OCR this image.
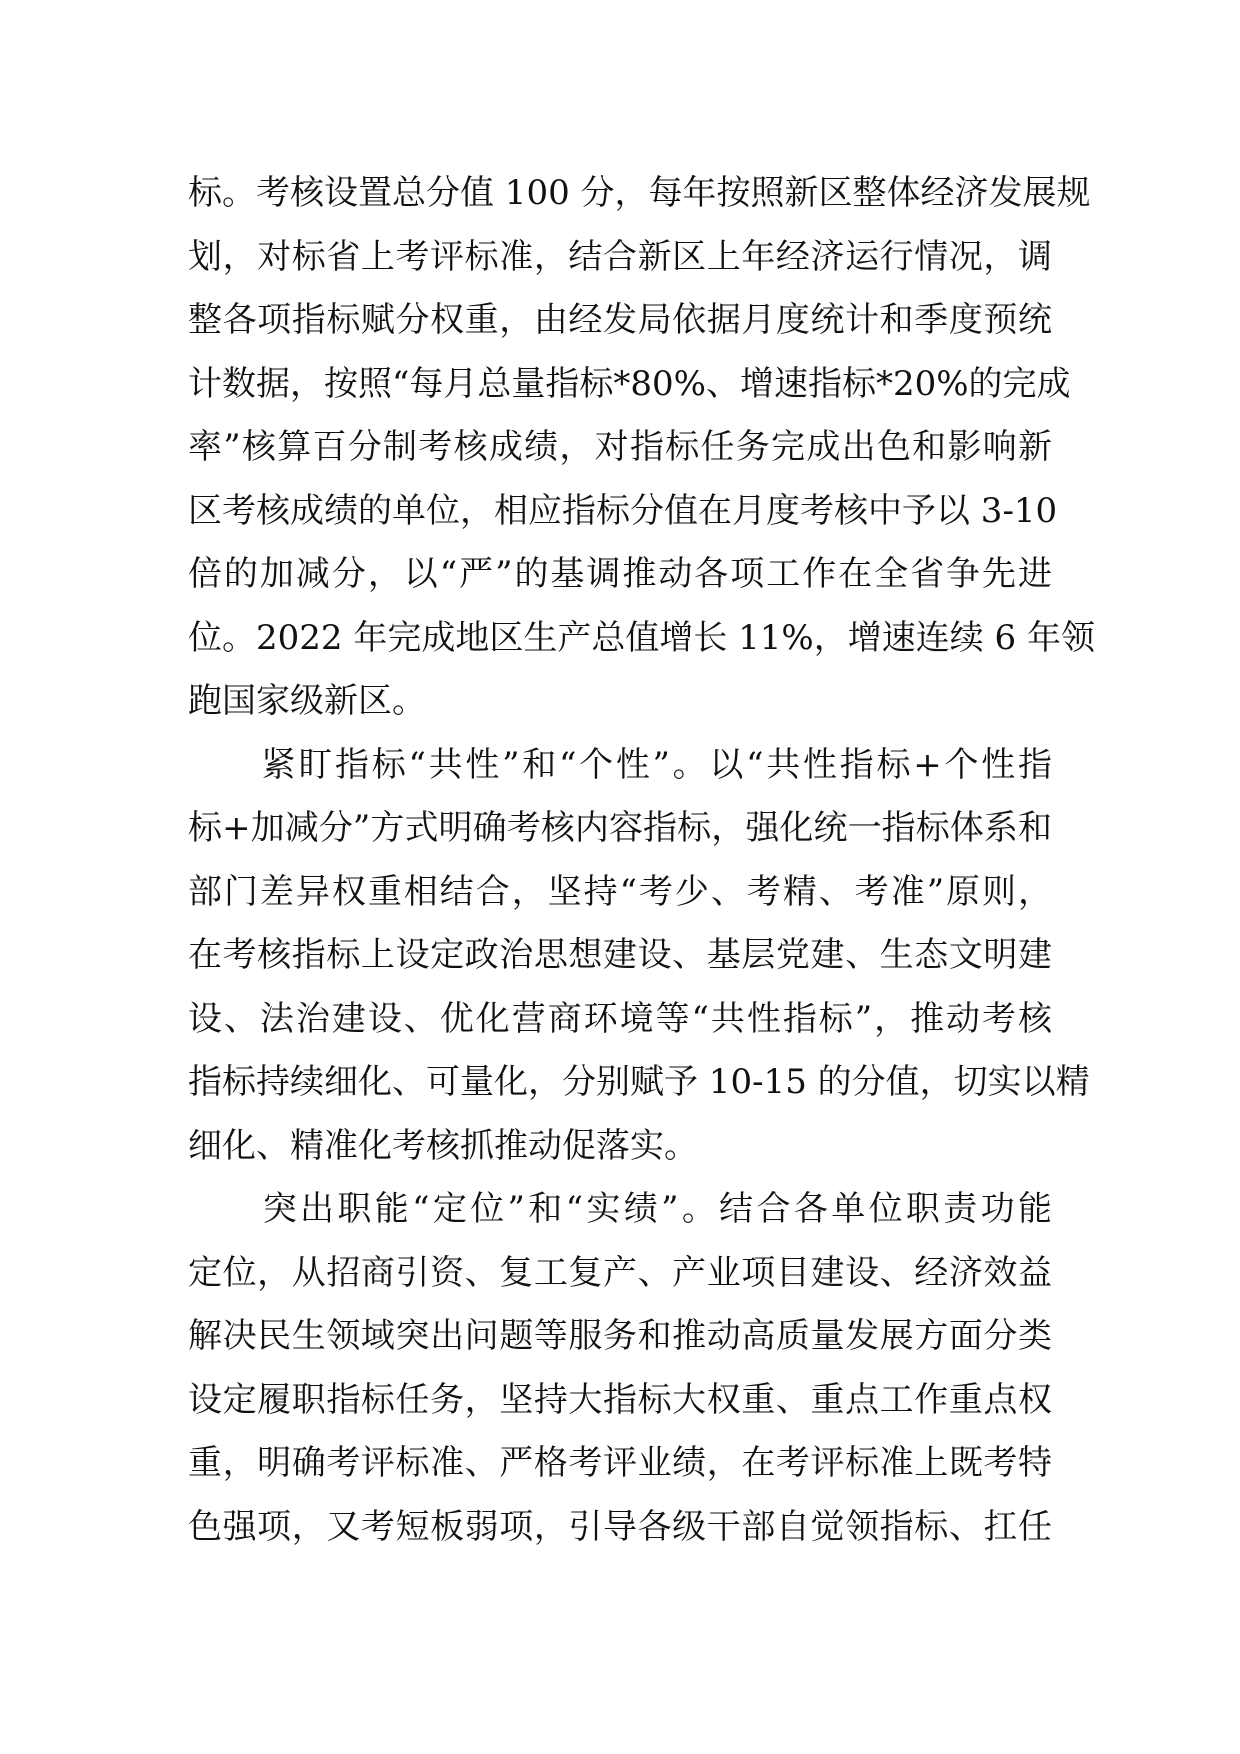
标。考核设置总分值 100 分，每年按照新区整体经济发展规
划，对标省上考评标准，结合新区上年经济运行情况，调
整各项指标赋分权重，由经发局依据月度统计和季度预统
计数据，按照“每月总量指标*80%、增速指标*20%的完成
率”核算百分制考核成绩，对指标任务完成出色和影响新
区考核成绩的单位，相应指标分值在月度考核中予以 3-10
倍的加减分，以“严”的基调推动各项工作在全省争先进
位。2022 年完成地区生产总值增长 11%，增速连续 6 年领
跑国家级新区。
　　紧盯指标“共性”和“个性”。以“共性指标+个性指
标+加减分”方式明确考核内容指标，强化统一指标体系和
部门差异权重相结合，坚持“考少、考精、考准”原则，
在考核指标上设定政治思想建设、基层党建、生态文明建
设、法治建设、优化营商环境等“共性指标”，推动考核
指标持续细化、可量化，分别赋予 10-15 的分值，切实以精
细化、精准化考核抓推动促落实。
　　突出职能“定位”和“实绩”。结合各单位职责功能
定位，从招商引资、复工复产、产业项目建设、经济效益
解决民生领域突出问题等服务和推动高质量发展方面分类
设定履职指标任务，坚持大指标大权重、重点工作重点权
重，明确考评标准、严格考评业绩，在考评标准上既考特
色强项，又考短板弱项，引导各级干部自觉领指标、扛任
